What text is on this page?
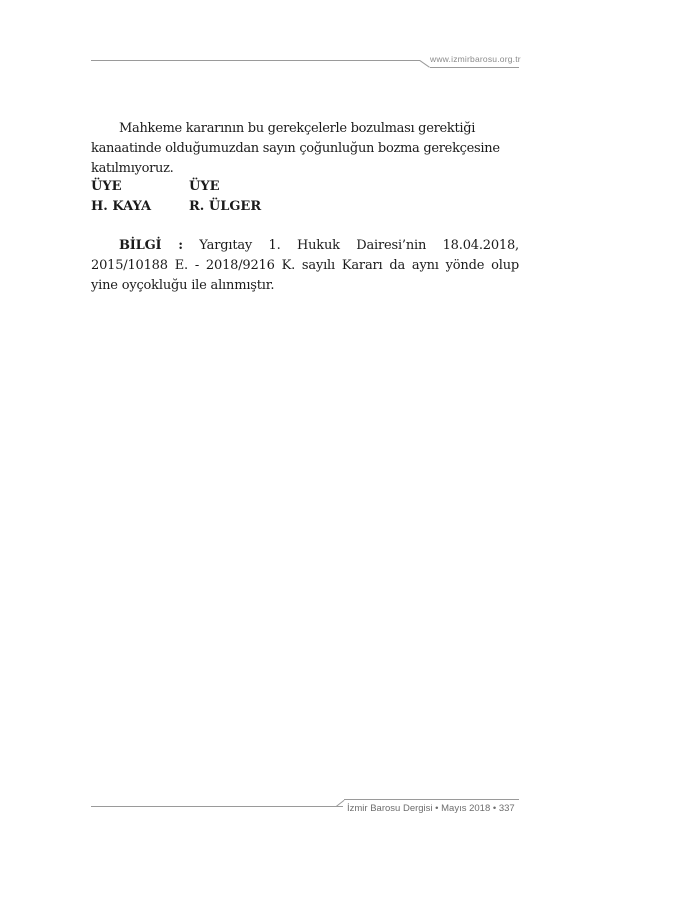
www.izmirbarosu.org.tr
Mahkeme kararının bu gerekçelerle bozulması gerektiği kanaatinde olduğumuzdan sayın çoğunluğun bozma gerekçesine katılmıyoruz.
ÜYE	ÜYE
H. KAYA	R. ÜLGER
BİLGİ : Yargıtay 1. Hukuk Dairesi’nin 18.04.2018, 2015/10188 E. - 2018/9216 K. sayılı Kararı da aynı yönde olup yine oyçokluğu ile alınmıştır.
İzmir Barosu Dergisi • Mayıs 2018 • 337
